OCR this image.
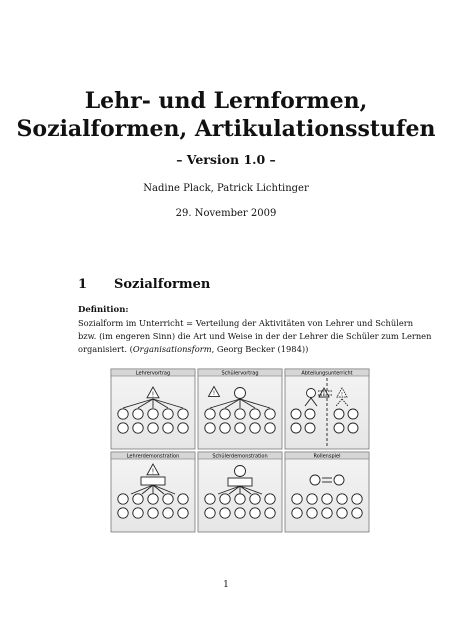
Lehr- und Lernformen,
Sozialformen, Artikulationsstufen
– Version 1.0 –
Nadine Plack, Patrick Lichtinger
29. November 2009
1 Sozialformen
Definition:
Sozialform im Unterricht = Verteilung der Aktivitäten von Lehrer und Schülern
bzw. (im engeren Sinn) die Art und Weise in der der Lehrer die Schüler zum Lernen
organisiert. (Organisationsform, Georg Becker (1984))
Lehrervortrag	Schülervortrag	Abteilungsunterricht
Lehrerdemonstration	Schülerdemonstration	Rollenspiel
!	!	!	!
!
1
